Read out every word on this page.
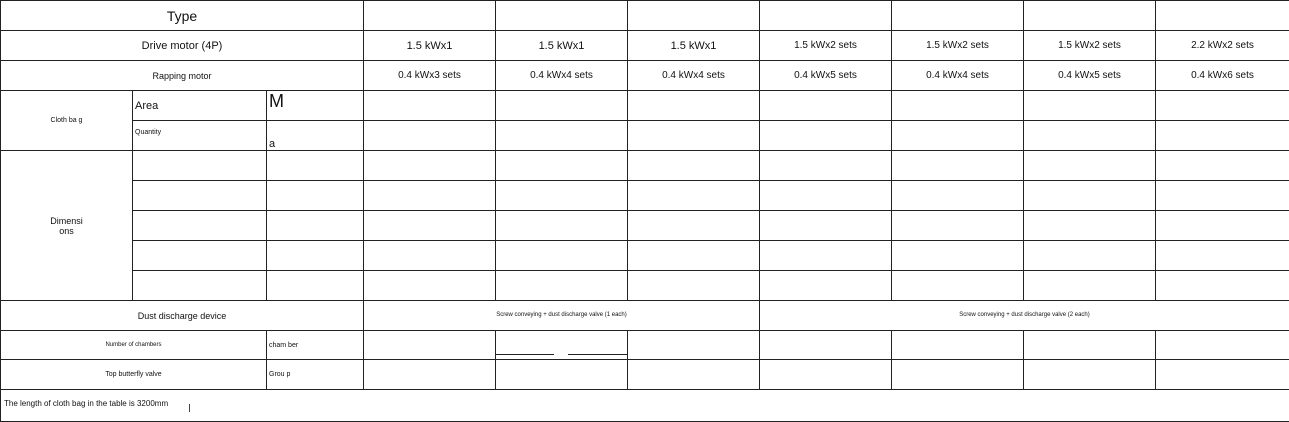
Type									
Drive motor (4P)			1.5 kWx1	1.5 kWx1	1.5 kWx1	1.5 kWx2 sets	1.5 kWx2 sets	1.5 kWx2 sets	2.2 kWx2 sets
Rapping motor			0.4 kWx3 sets	0.4 kWx4 sets	0.4 kWx4 sets	0.4 kWx5 sets	0.4 kWx4 sets	0.4 kWx5 sets	0.4 kWx6 sets
Cloth ba g	Area	M							
	Quantity	a							
Dimensi ons									

Dust discharge device			Screw conveying + dust discharge valve (1 each)			Screw conveying + dust discharge valve (2 each)			
Number of chambers		cham ber							
Top butterfly valve		Grou p							

The length of cloth bag in the table is 3200mm
